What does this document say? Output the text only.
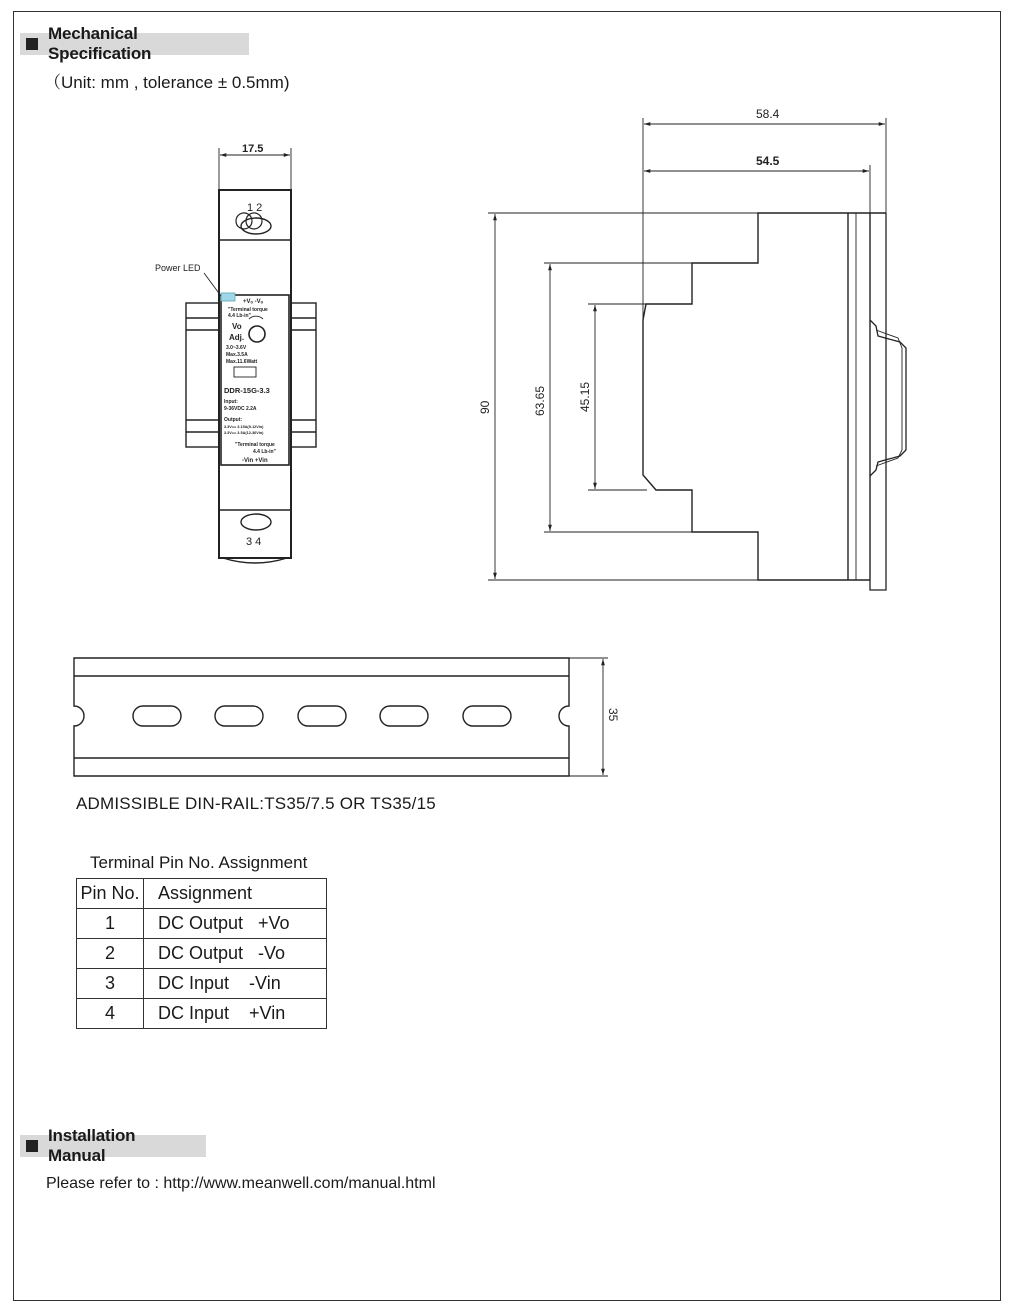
Mechanical Specification
（Unit: mm , tolerance ± 0.5mm)
17.5
1 2
3 4
Power LED
+Vₒ -Vₒ
"Terminal torque
4.4 Lb-in"
Vo
Adj.
3.0~3.6V
Max.3.5A
Max.11.6Watt
DDR-15G-3.3
Input:
9-36VDC 2.2A
Output:
3.3V== 3.15A(9-12Vin)
3.3V== 3.5A(12-36Vin)
"Terminal torque
4.4 Lb-in"
-Vin +Vin
58.4
54.5
90	63.65	45.15
35
ADMISSIBLE DIN-RAIL:TS35/7.5 OR TS35/15
Terminal Pin No. Assignment
Pin No.	Assignment
1	DC Output   +Vo
2	DC Output   -Vo
3	DC Input    -Vin
4	DC Input    +Vin
Installation Manual
Please refer to : http://www.meanwell.com/manual.html
